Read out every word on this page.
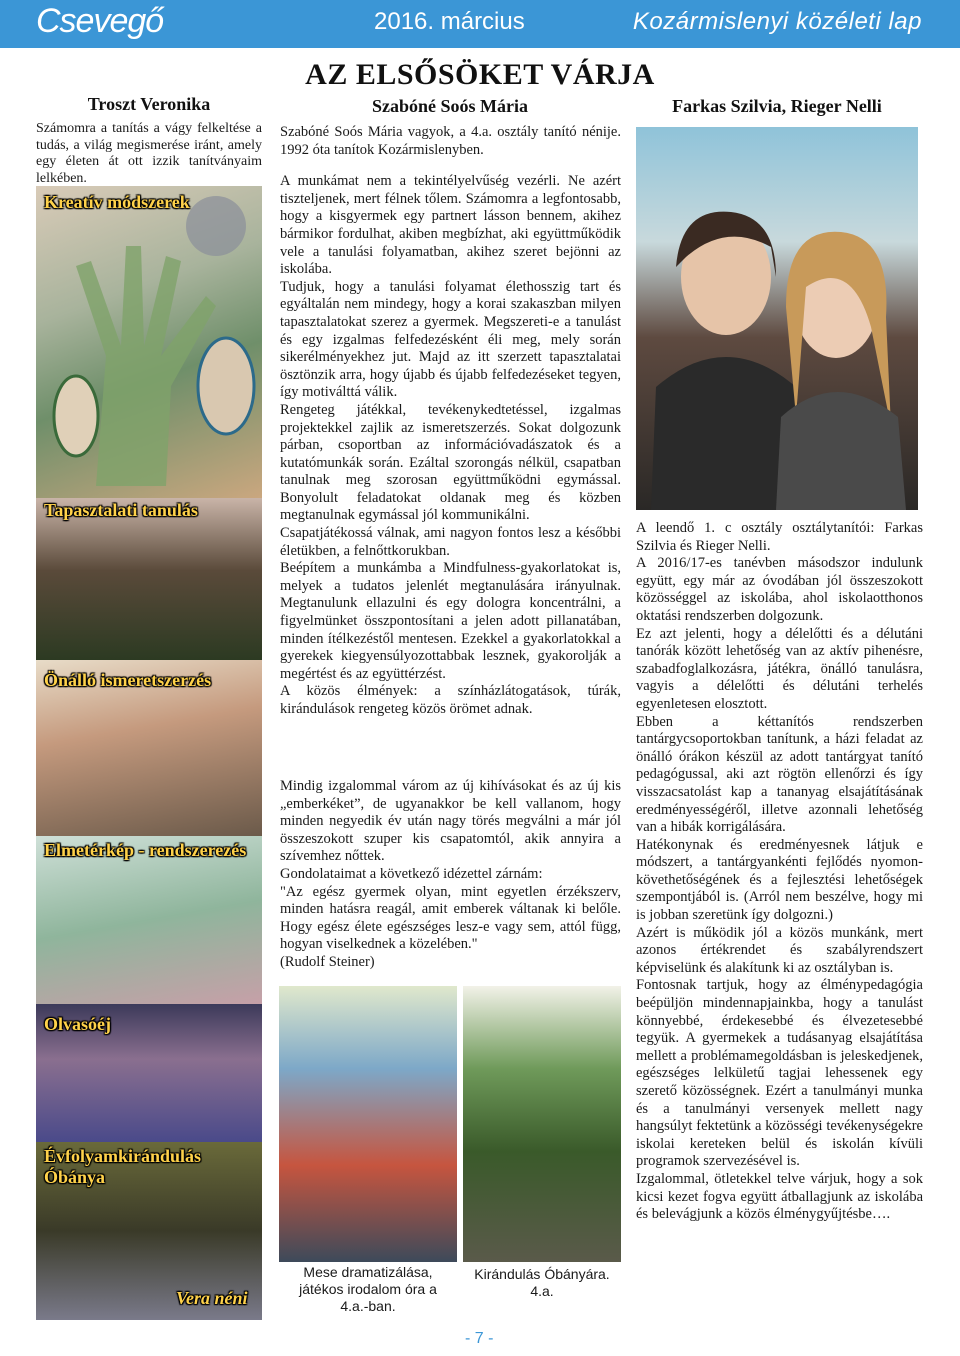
Csevegő	2016. március	Kozármislenyi közéleti lap
AZ ELSŐSÖKET VÁRJA
Troszt Veronika

Számomra a tanítás a vágy felkeltése a tudás, a világ megismerése iránt, amely egy életen át ott izzik tanítványaim lelkében.

Kreatív módszerek
Tapasztalati tanulás
Önálló ismeretszerzés
Elmetérkép - rendszerezés
Olvasóéj
Évfolyamkirándulás Óbánya
Vera néni
Szabóné Soós Mária

Szabóné Soós Mária vagyok, a 4.a. osztály tanító nénije. 1992 óta tanítok Kozármislenyben.

A munkámat nem a tekintélyelvűség vezérli. Ne azért tiszteljenek, mert félnek tőlem. Számomra a legfontosabb, hogy a kisgyermek egy partnert lásson bennem, akihez bármikor fordulhat, akiben megbízhat, aki együttműködik vele a tanulási folyamatban, akihez szeret bejönni az iskolába.

Tudjuk, hogy a tanulási folyamat élethosszig tart és egyáltalán nem mindegy, hogy a korai szakaszban milyen tapasztalatokat szerez a gyermek. Megszereti-e a tanulást és egy izgalmas felfedezésként éli meg, mely során sikerélményekhez jut. Majd az itt szerzett tapasztalatai ösztönzik arra, hogy újabb és újabb felfedezéseket tegyen, így motiválttá válik.

Rengeteg játékkal, tevékenykedtetéssel, izgalmas projektekkel zajlik az ismeretszerzés. Sokat dolgozunk párban, csoportban az információvadászatok és a kutatómunkák során. Ezáltal szorongás nélkül, csapatban tanulnak meg szorosan együttműködni egymással. Bonyolult feladatokat oldanak meg és közben megtanulnak egymással jól kommunikálni.

Csapatjátékossá válnak, ami nagyon fontos lesz a későbbi életükben, a felnőttkorukban.

Beépítem a munkámba a Mindfulness-gyakorlatokat is, melyek a tudatos jelenlét megtanulására irányulnak. Megtanulunk ellazulni és egy dologra koncentrálni, a figyelmünket összpontosítani a jelen adott pillanatában, minden ítélkezéstől mentesen. Ezekkel a gyakorlatokkal a gyerekek kiegyensúlyozottabbak lesznek, gyakorolják a megértést és az együttérzést.

A közös élmények: a színházlátogatások, túrák, kirándulások rengeteg közös örömet adnak.

Mindig izgalommal várom az új kihívásokat és az új kis „emberkéket”, de ugyanakkor be kell vallanom, hogy minden negyedik év után nagy törés megválni a már jól összeszokott szuper kis csapatomtól, akik annyira a szívemhez nőttek.

Gondolataimat a következő idézettel zárnám:

"Az egész gyermek olyan, mint egyetlen érzékszerv, minden hatásra reagál, amit emberek váltanak ki belőle. Hogy egész élete egészséges lesz-e vagy sem, attól függ, hogyan viselkednek a közelében."

(Rudolf Steiner)

Mese dramatizálása, játékos irodalom óra a 4.a.-ban.
Kirándulás Óbányára. 4.a.
Farkas Szilvia, Rieger Nelli

A leendő 1. c osztály osztálytanítói: Farkas Szilvia és Rieger Nelli.

A 2016/17-es tanévben másodszor indulunk együtt, egy már az óvodában jól összeszokott közösséggel az iskolába, ahol iskolaotthonos oktatási rendszerben dolgozunk.

Ez azt jelenti, hogy a délelőtti és a délutáni tanórák között lehetőség van az aktív pihenésre, szabadfoglalkozásra, játékra, önálló tanulásra, vagyis a délelőtti és délutáni terhelés egyenletesen elosztott.

Ebben a kéttanítós rendszerben tantárgycsoportokban tanítunk, a házi feladat az önálló órákon készül az adott tantárgyat tanító pedagógussal, aki azt rögtön ellenőrzi és így visszacsatolást kap a tananyag elsajátításának eredményességéről, illetve azonnali lehetőség van a hibák korrigálására.

Hatékonynak és eredményesnek látjuk e módszert, a tantárgyankénti fejlődés nyomon-követhetőségének és a fejlesztési lehetőségek szempontjából is. (Arról nem beszélve, hogy mi is jobban szeretünk így dolgozni.)

Azért is működik jól a közös munkánk, mert azonos értékrendet és szabályrendszert képviselünk és alakítunk ki az osztályban is.

Fontosnak tartjuk, hogy az élménypedagógia beépüljön mindennapjainkba, hogy a tanulást könnyebbé, érdekesebbé és élvezetesebbé tegyük. A gyermekek a tudásanyag elsajátítása mellett a problémamegoldásban is jeleskedjenek, egészséges lelkületű tagjai lehessenek egy szerető közösségnek. Ezért a tanulmányi munka és a tanulmányi versenyek mellett nagy hangsúlyt fektetünk a közösségi tevékenységekre iskolai kereteken belül és iskolán kívüli programok szervezésével is.

Izgalommal, ötletekkel telve várjuk, hogy a sok kicsi kezet fogva együtt átballagjunk az iskolába és belevágjunk a közös élménygyűjtésbe….

- 7 -
